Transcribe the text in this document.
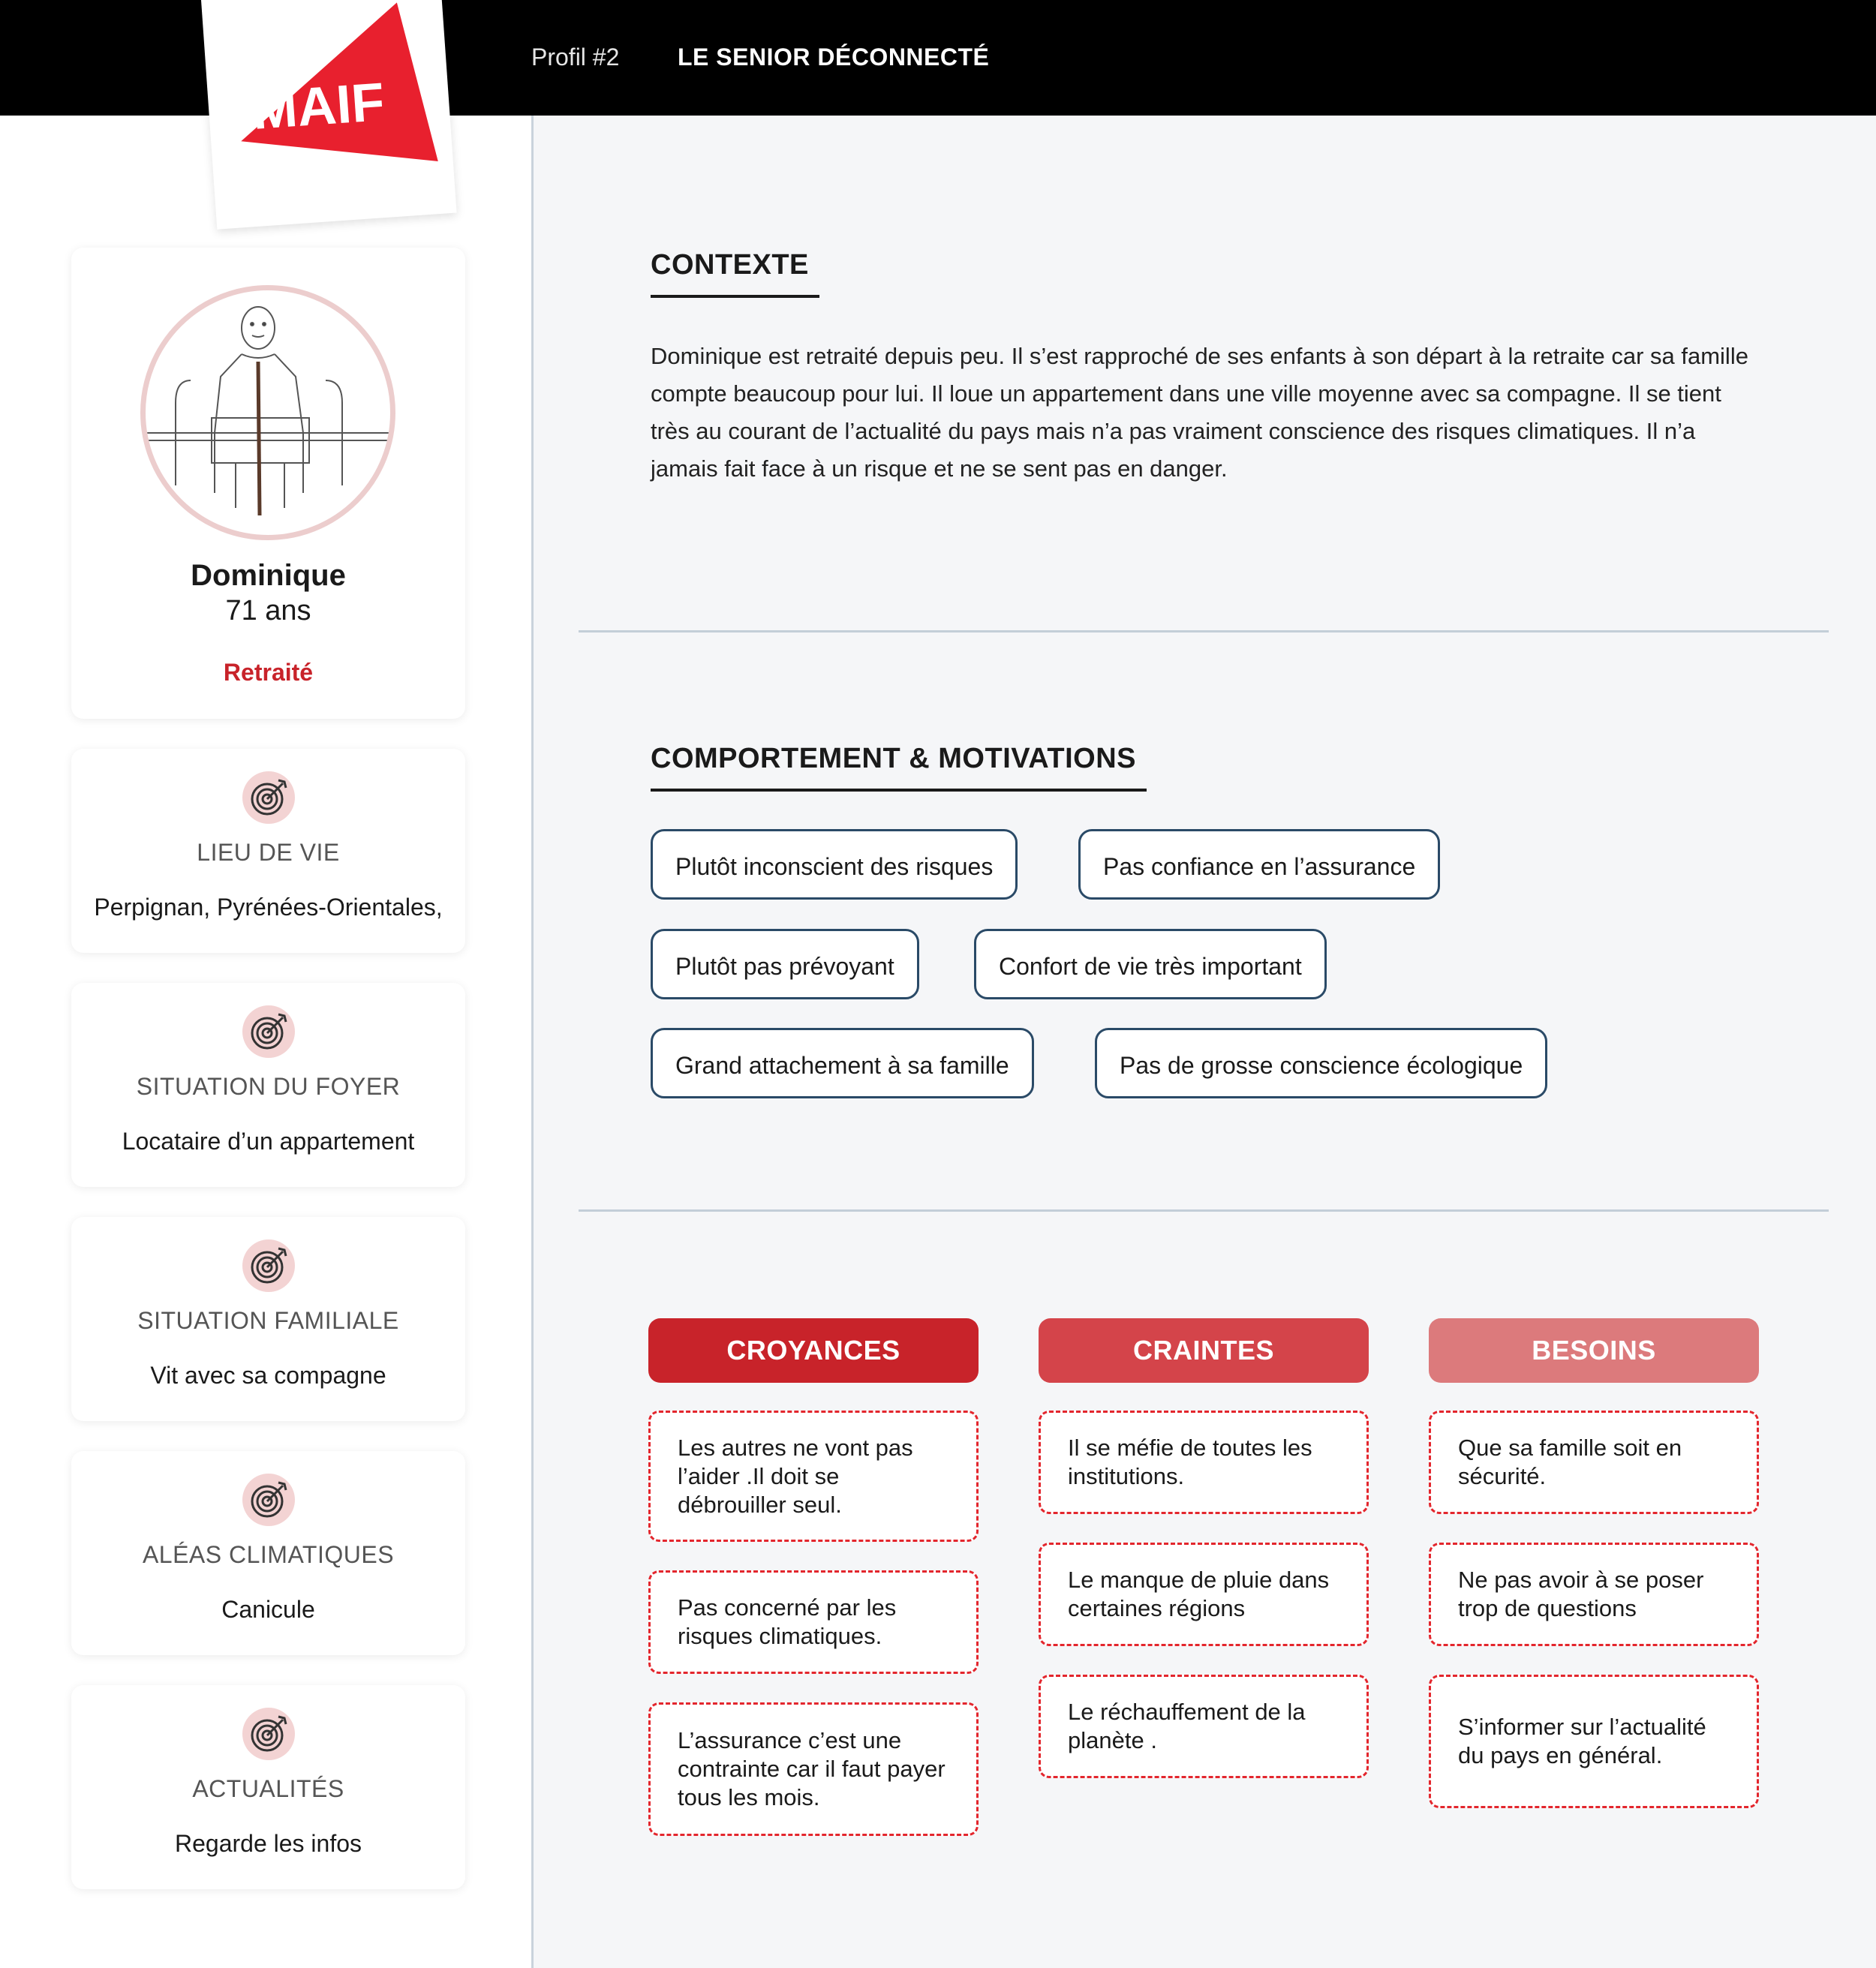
Profil #2 LE SENIOR DÉCONNECTÉ
MAIF
Dominique
71 ans
Retraité
LIEU DE VIE
Perpignan, Pyrénées-Orientales,
SITUATION DU FOYER
Locataire d’un appartement
SITUATION FAMILIALE
Vit avec sa compagne
ALÉAS CLIMATIQUES
Canicule
ACTUALITÉS
Regarde les infos
CONTEXTE
Dominique est retraité depuis peu. Il s’est rapproché de ses enfants à son départ à la retraite car sa famille compte beaucoup pour lui. Il loue un appartement dans une ville moyenne avec sa compagne. Il se tient très au courant de l’actualité du pays mais n’a pas vraiment conscience des risques climatiques. Il n’a jamais fait face à un risque et ne se sent pas en danger.
COMPORTEMENT & MOTIVATIONS
Plutôt inconscient des risques	Pas confiance en l’assurance
Plutôt pas prévoyant	Confort de vie très important
Grand attachement à sa famille	Pas de grosse conscience écologique
CROYANCES	CRAINTES	BESOINS
Les autres ne vont pas l’aider .Il doit se débrouiller seul.
Pas concerné par les risques climatiques.
L’assurance c’est une contrainte car il faut payer tous les mois.
Il se méfie de toutes les institutions.
Le manque de pluie dans certaines régions
Le réchauffement de la planète .
Que sa famille soit en sécurité.
Ne pas avoir à se poser trop de questions
S’informer sur l’actualité du pays en général.
